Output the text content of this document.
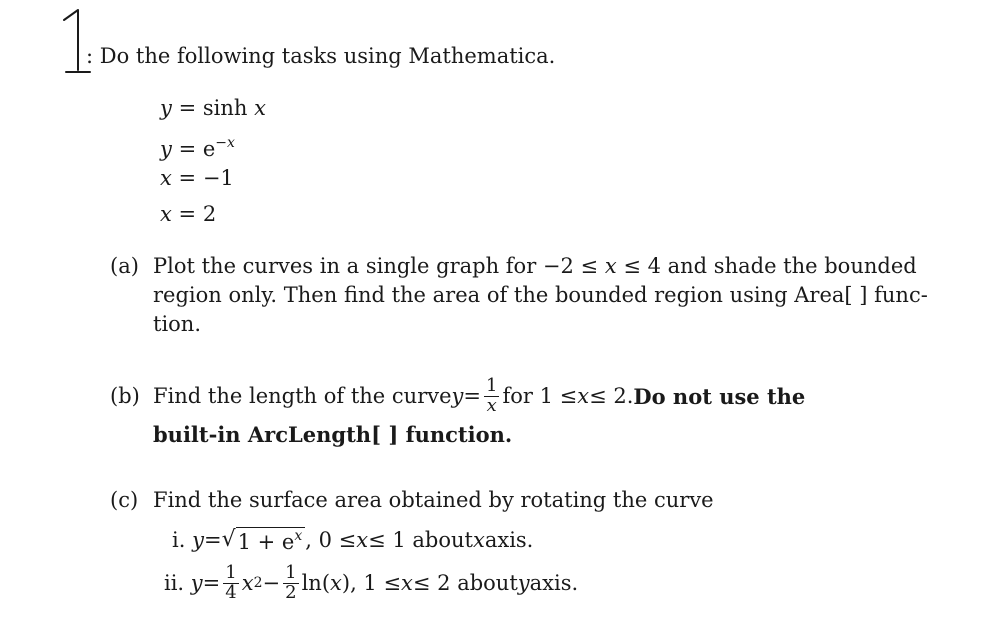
: Do the following tasks using Mathematica.
y = sinh x
$y = e^{-x}$
x = −1
x = 2
(a) Plot the curves in a single graph for −2 ≤ x ≤ 4 and shade the bounded
region only. Then find the area of the bounded region using Area[ ] func-
tion.
(b) Find the length of the curve $y = \frac{1}{x}$ for 1 ≤ x ≤ 2. Do not use the
built-in ArcLength[ ] function.
(c) Find the surface area obtained by rotating the curve
i.
y = √ $1 + e^x$ , 0 ≤ x ≤ 1 about x axis.
ii.
$y = \frac{1}{4}$ x $2 - \frac{1}{2}$ ln ( x ) , 1 ≤ x ≤ 2 about y axis.
